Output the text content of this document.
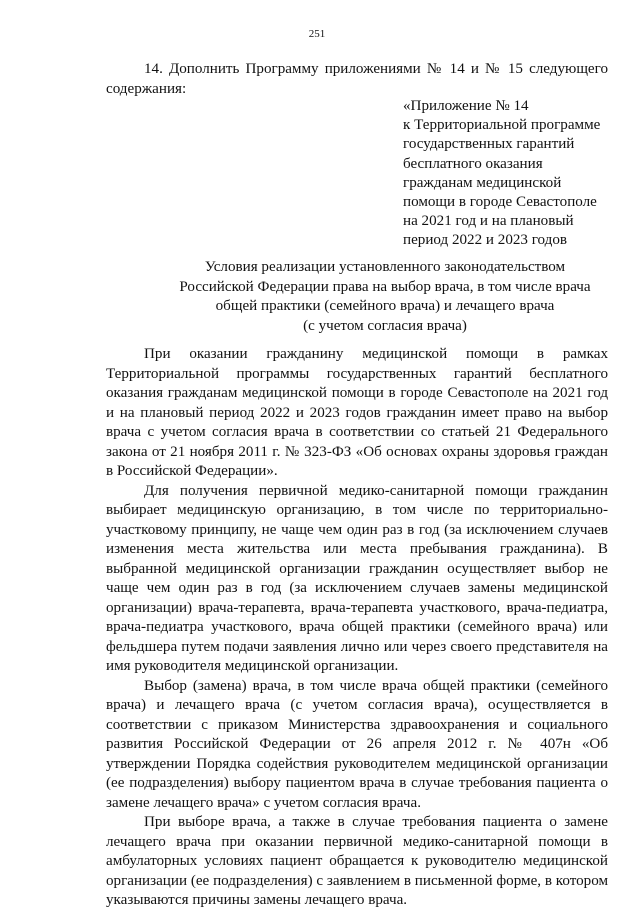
251
14. Дополнить Программу приложениями № 14 и № 15 следующего содержания:
«Приложение № 14
к Территориальной программе
государственных гарантий
бесплатного оказания
гражданам медицинской
помощи в городе Севастополе
на 2021 год и на плановый
период 2022 и 2023 годов
Условия реализации установленного законодательством
Российской Федерации права на выбор врача, в том числе врача
общей практики (семейного врача) и лечащего врача
(с учетом согласия врача)

При оказании гражданину медицинской помощи в рамках Территориальной программы государственных гарантий бесплатного оказания гражданам медицинской помощи в городе Севастополе на 2021 год и на плановый период 2022 и 2023 годов гражданин имеет право на выбор врача с учетом согласия врача в соответствии со статьей 21 Федерального закона от 21 ноября 2011 г. № 323-ФЗ «Об основах охраны здоровья граждан в Российской Федерации».

Для получения первичной медико-санитарной помощи гражданин выбирает медицинскую организацию, в том числе по территориально-участковому принципу, не чаще чем один раз в год (за исключением случаев изменения места жительства или места пребывания гражданина). В выбранной медицинской организации гражданин осуществляет выбор не чаще чем один раз в год (за исключением случаев замены медицинской организации) врача-терапевта, врача-терапевта участкового, врача-педиатра, врача-педиатра участкового, врача общей практики (семейного врача) или фельдшера путем подачи заявления лично или через своего представителя на имя руководителя медицинской организации.

Выбор (замена) врача, в том числе врача общей практики (семейного врача) и лечащего врача (с учетом согласия врача), осуществляется в соответствии с приказом Министерства здравоохранения и социального развития Российской Федерации от 26 апреля 2012 г. № 407н «Об утверждении Порядка содействия руководителем медицинской организации (ее подразделения) выбору пациентом врача в случае требования пациента о замене лечащего врача» с учетом согласия врача.

При выборе врача, а также в случае требования пациента о замене лечащего врача при оказании первичной медико-санитарной помощи в амбулаторных условиях пациент обращается к руководителю медицинской организации (ее подразделения) с заявлением в письменной форме, в котором указываются причины замены лечащего врача.
